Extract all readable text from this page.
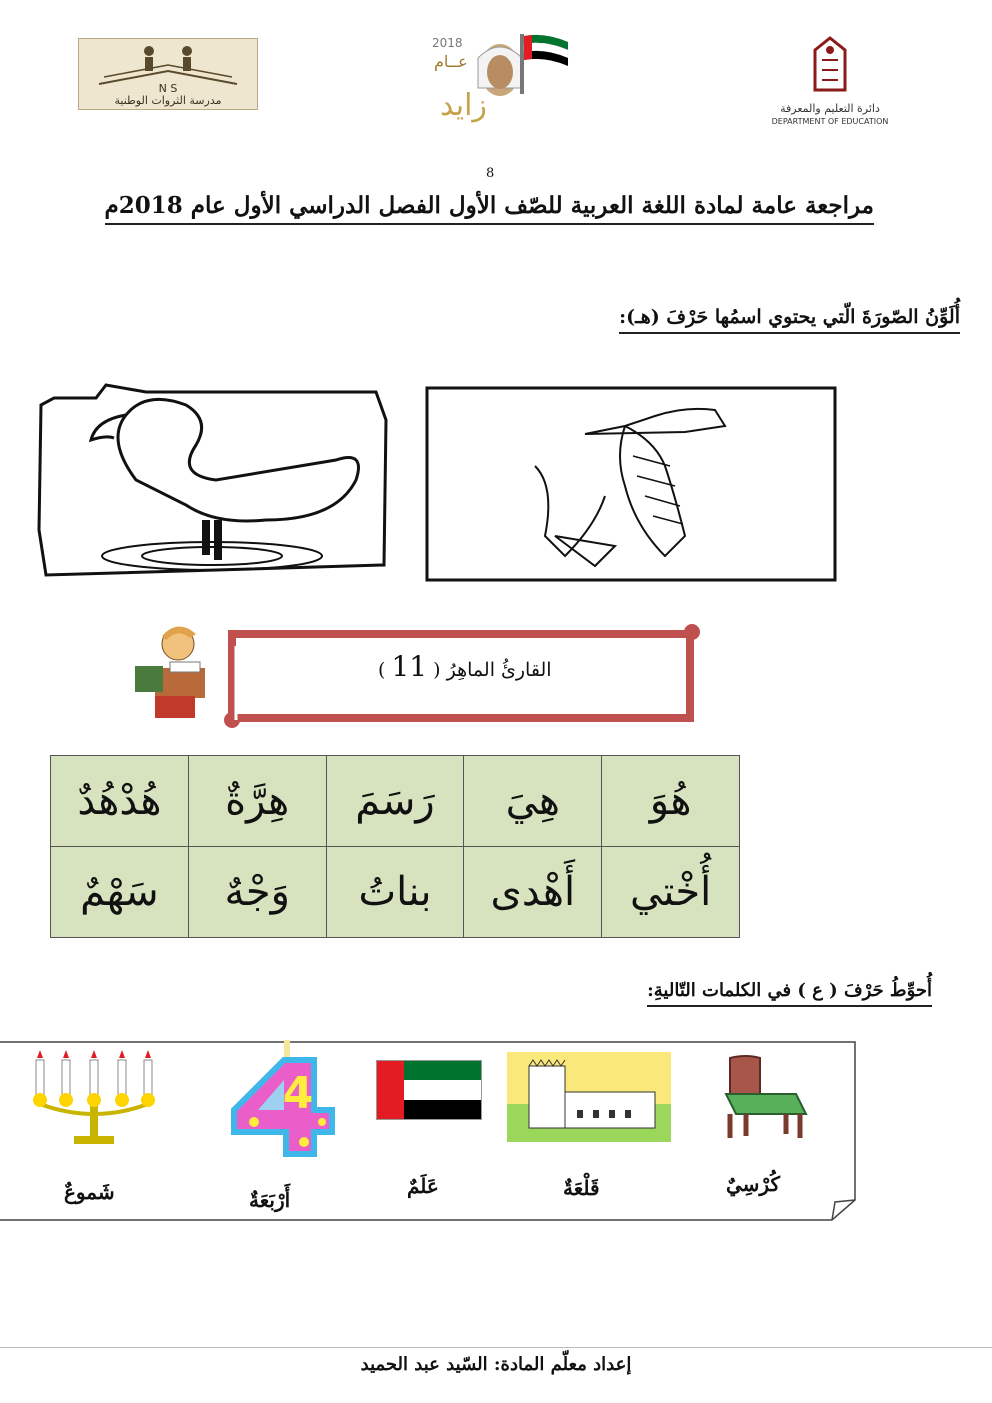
N S
مدرسة الثروات الوطنية
2018
عــام
زايد	دائرة التعليم والمعرفة
DEPARTMENT OF EDUCATION
8
مراجعة عامة لمادة اللغة العربية للصّف الأول الفصل الدراسي الأول عام 2018م
أُلَوِّنُ الصّورَةَ الّتي يحتوي اسمُها حَرْفَ (هـ):
القارئُ الماهِرُ ( 11 )
هُوَ	هِيَ	رَسَمَ	هِرَّةٌ	هُدْهُدٌ
أُخْتي	أَهْدى	بناتُ	وَجْهٌ	سَهْمٌ
أُحوِّطُ حَرْفَ ( ع ) في الكلمات التّاليةِ:
4
كُرْسِيٌ
قَلْعَةٌ
عَلَمٌ
أَرْبَعَةٌ
شَموعٌ
إعداد معلّم المادة: السّيد عبد الحميد
